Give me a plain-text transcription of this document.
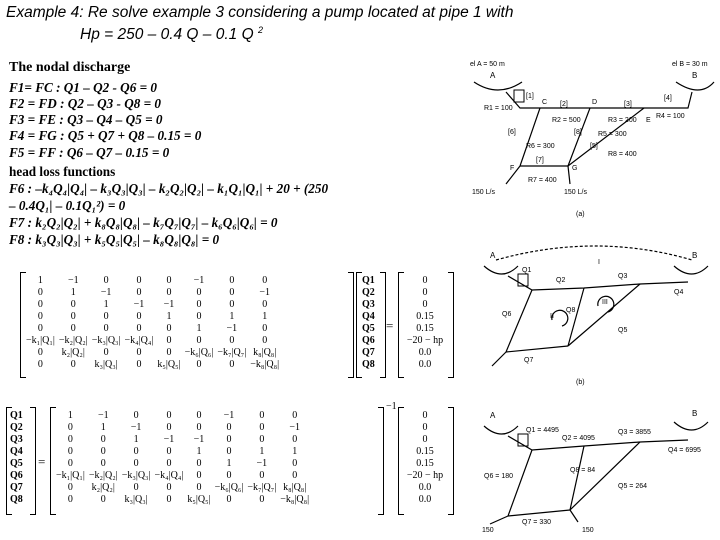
Example 4: Re solve example 3 considering a pump located at pipe 1 with
Hp = 250 – 0.4 Q – 0.1 Q $^2$
The nodal discharge
F1= FC : Q1 – Q2 - Q6 = 0
F2 = FD : Q2 – Q3 - Q8 = 0
F3 = FE : Q3 – Q4 – Q5 = 0
F4 = FG : Q5 + Q7 + Q8 – 0.15 = 0
F5 = FF : Q6 – Q7 – 0.15 = 0
head loss functions
F6 : –k₄Q₄|Q₄| – k₃Q₃|Q₃| – k₂Q₂|Q₂| – k₁Q₁|Q₁| + 20 + (250
– 0.4Q₁| – 0.1Q₁²) = 0
F7 : k₂Q₂|Q₂| + k₈Q₈|Q₈| – k₇Q₇|Q₇| – k₆Q₆|Q₆| = 0
F8 : k₃Q₃|Q₃| + k₅Q₅|Q₅| – k₈Q₈|Q₈| = 0
1	−1	0	0	0	−1	0	0
0	1	−1	0	0	0	0	−1
0	0	1	−1	−1	0	0	0
0	0	0	0	1	0	1	1
0	0	0	0	0	1	−1	0
−k₁|Q₁|	−k₂|Q₂|	−k₃|Q₃|	−k₄|Q₄|	0	0	0	0
0	k₂|Q₂|	0	0	0	−k₆|Q₆|	−k₇|Q₇|	k₈|Q₈|
0	0	k₃|Q₃|	0	k₅|Q₅|	0	0	−k₈|Q₈|
Q1
Q2
Q3
Q4
Q5
Q6
Q7
Q8
=
0
0
0
0.15
0.15
−20 − hp
0.0
0.0
Q1
Q2
Q3
Q4
Q5
Q6
Q7
Q8
=
1	−1	0	0	0	−1	0	0
0	1	−1	0	0	0	0	−1
0	0	1	−1	−1	0	0	0
0	0	0	0	1	0	1	1
0	0	0	0	0	1	−1	0
−k₁|Q₁|	−k₂|Q₂|	−k₃|Q₃|	−k₄|Q₄|	0	0	0	0
0	k₂|Q₂|	0	0	0	−k₆|Q₆|	−k₇|Q₇|	k₈|Q₈|
0	0	k₃|Q₃|	0	k₅|Q₅|	0	0	−k₈|Q₈|
−1
0
0
0
0.15
0.15
−20 − hp
0.0
0.0
el A = 50 m	el B = 30 m
A	B
C	D
E
F	G
[1]
[2]	[3]
[4]
[5]
[6]
[7]
[8]
R1 = 100
R2 = 500	R3 = 200
R4 = 100
R5 = 300
R6 = 300
R7 = 400
R8 = 400
150 L/s	150 L/s
(a)
A	B
I
II
III
Q1
Q2
Q3
Q4
Q5
Q6
Q7
Q8
(b)
A	B
Q1 = 4495
Q2 = 4095
Q3 = 3855
Q4 = 6995
Q5 = 264
Q6 = 180
Q8 = 84
Q7 = 330
150	150
